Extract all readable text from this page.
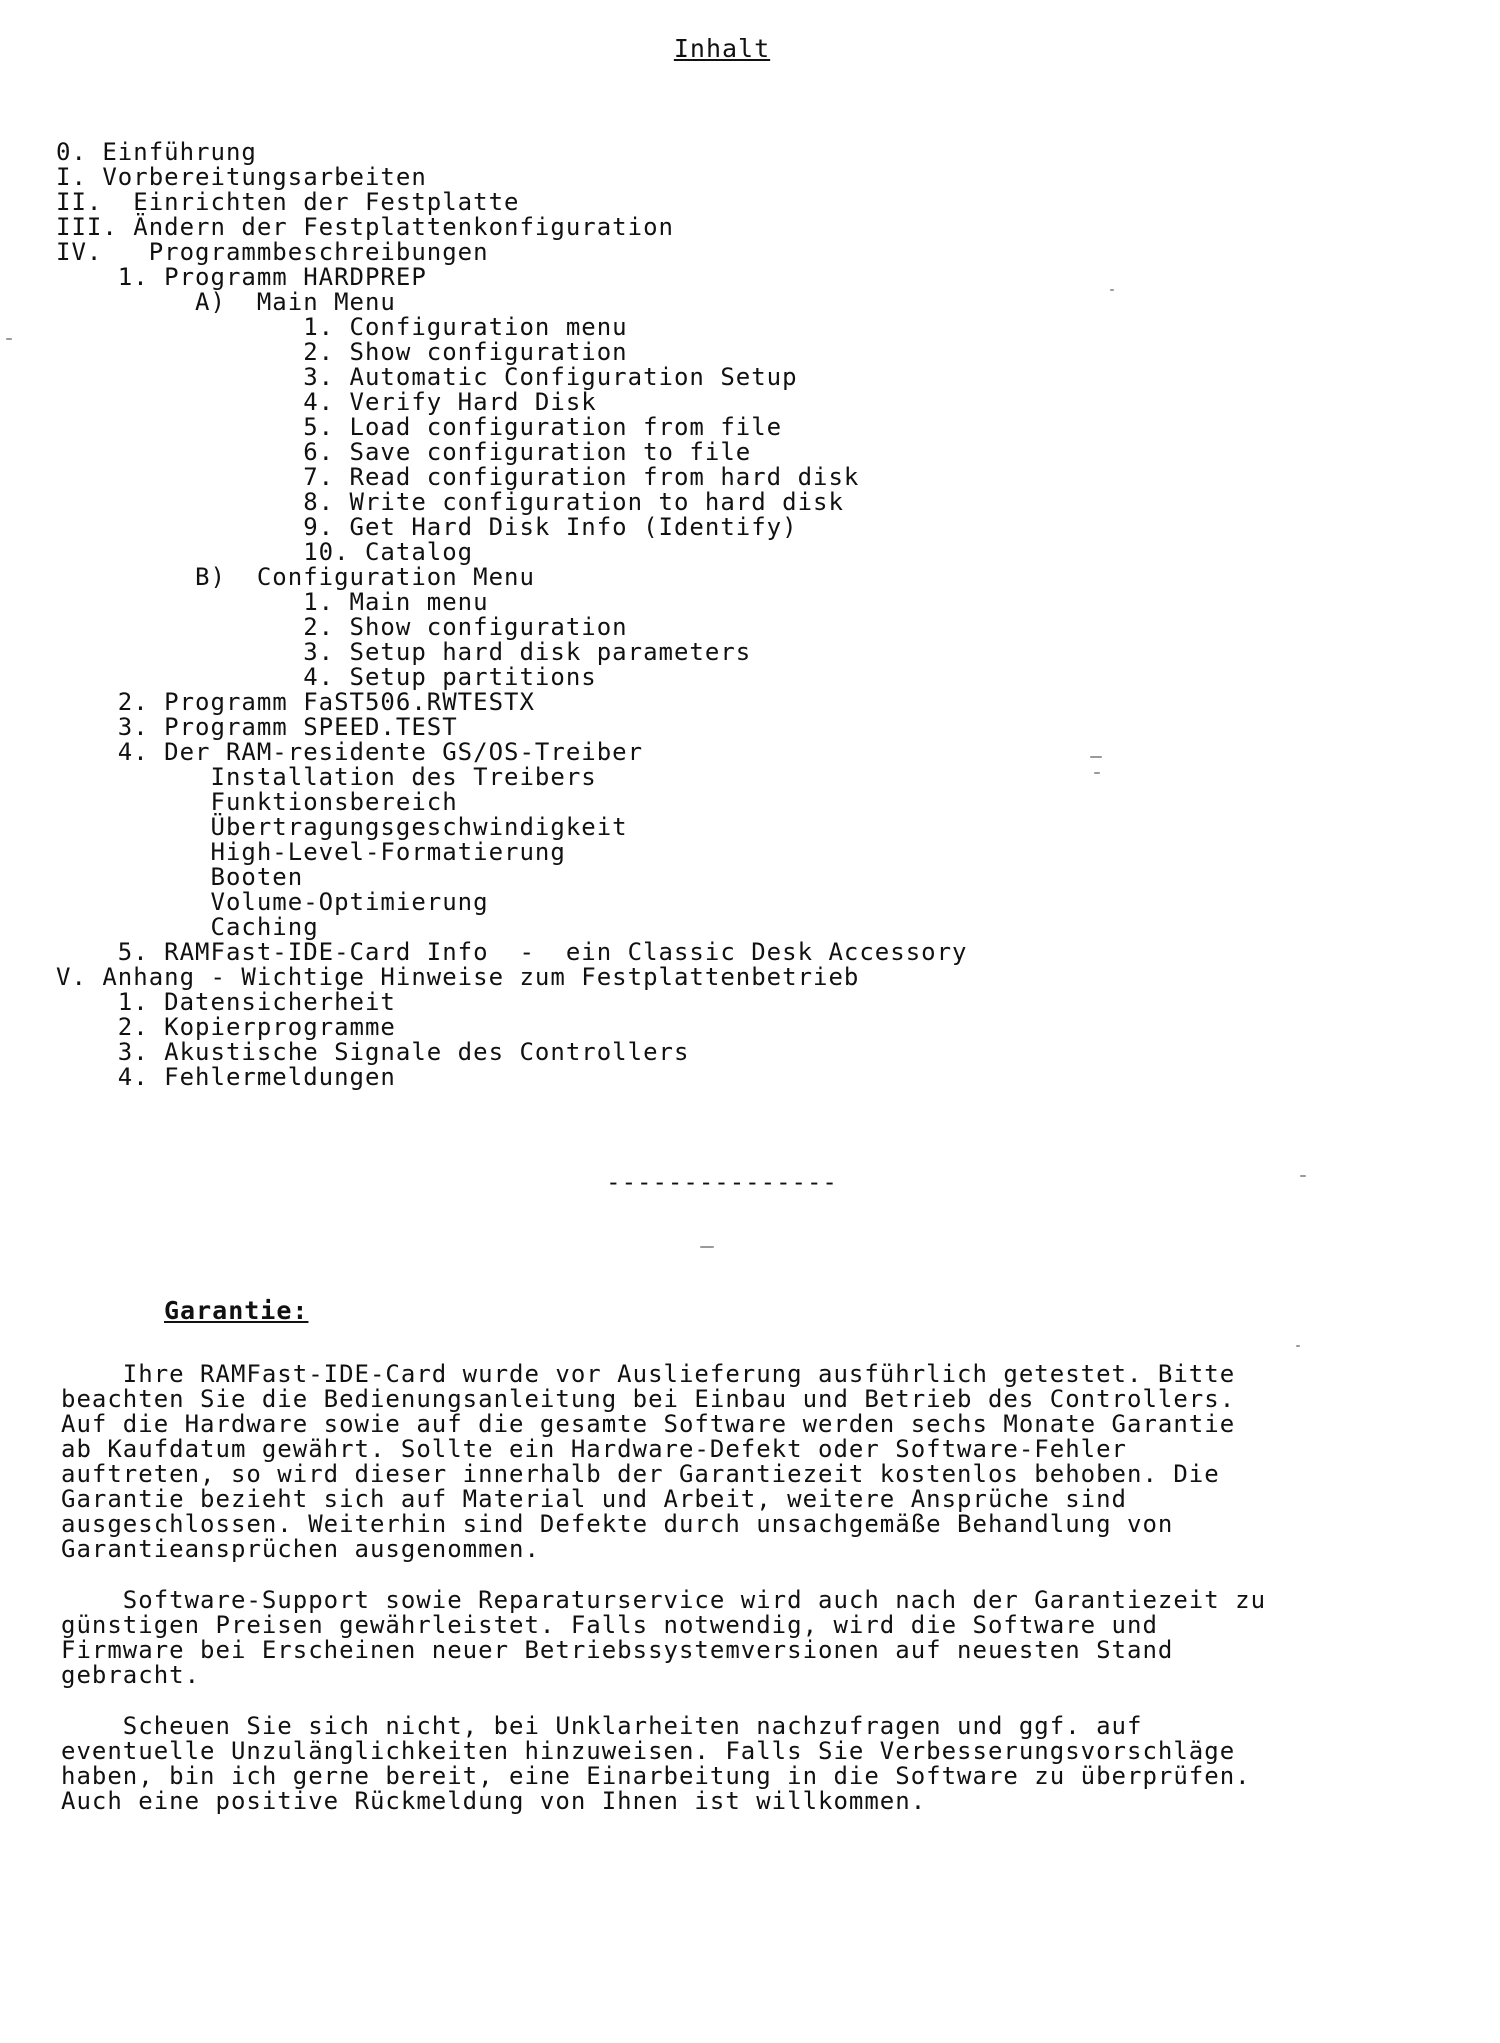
Inhalt
0. Einführung
I. Vorbereitungsarbeiten
II.  Einrichten der Festplatte
III. Ändern der Festplattenkonfiguration
IV.   Programmbeschreibungen
1. Programm HARDPREP
A)  Main Menu
1. Configuration menu
2. Show configuration
3. Automatic Configuration Setup
4. Verify Hard Disk
5. Load configuration from file
6. Save configuration to file
7. Read configuration from hard disk
8. Write configuration to hard disk
9. Get Hard Disk Info (Identify)
10. Catalog
B)  Configuration Menu
1. Main menu
2. Show configuration
3. Setup hard disk parameters
4. Setup partitions
2. Programm FaST506.RWTESTX
3. Programm SPEED.TEST
4. Der RAM-residente GS/OS-Treiber
Installation des Treibers
Funktionsbereich
Übertragungsgeschwindigkeit
High-Level-Formatierung
Booten
Volume-Optimierung
Caching
5. RAMFast-IDE-Card Info  -  ein Classic Desk Accessory
V. Anhang - Wichtige Hinweise zum Festplattenbetrieb
1. Datensicherheit
2. Kopierprogramme
3. Akustische Signale des Controllers
4. Fehlermeldungen
---------------
Garantie:

Ihre RAMFast-IDE-Card wurde vor Auslieferung ausführlich getestet. Bitte
beachten Sie die Bedienungsanleitung bei Einbau und Betrieb des Controllers.
Auf die Hardware sowie auf die gesamte Software werden sechs Monate Garantie
ab Kaufdatum gewährt. Sollte ein Hardware-Defekt oder Software-Fehler
auftreten, so wird dieser innerhalb der Garantiezeit kostenlos behoben. Die
Garantie bezieht sich auf Material und Arbeit, weitere Ansprüche sind
ausgeschlossen. Weiterhin sind Defekte durch unsachgemäße Behandlung von
Garantieansprüchen ausgenommen.

Software-Support sowie Reparaturservice wird auch nach der Garantiezeit zu
günstigen Preisen gewährleistet. Falls notwendig, wird die Software und
Firmware bei Erscheinen neuer Betriebssystemversionen auf neuesten Stand
gebracht.

Scheuen Sie sich nicht, bei Unklarheiten nachzufragen und ggf. auf
eventuelle Unzulänglichkeiten hinzuweisen. Falls Sie Verbesserungsvorschläge
haben, bin ich gerne bereit, eine Einarbeitung in die Software zu überprüfen.
Auch eine positive Rückmeldung von Ihnen ist willkommen.
